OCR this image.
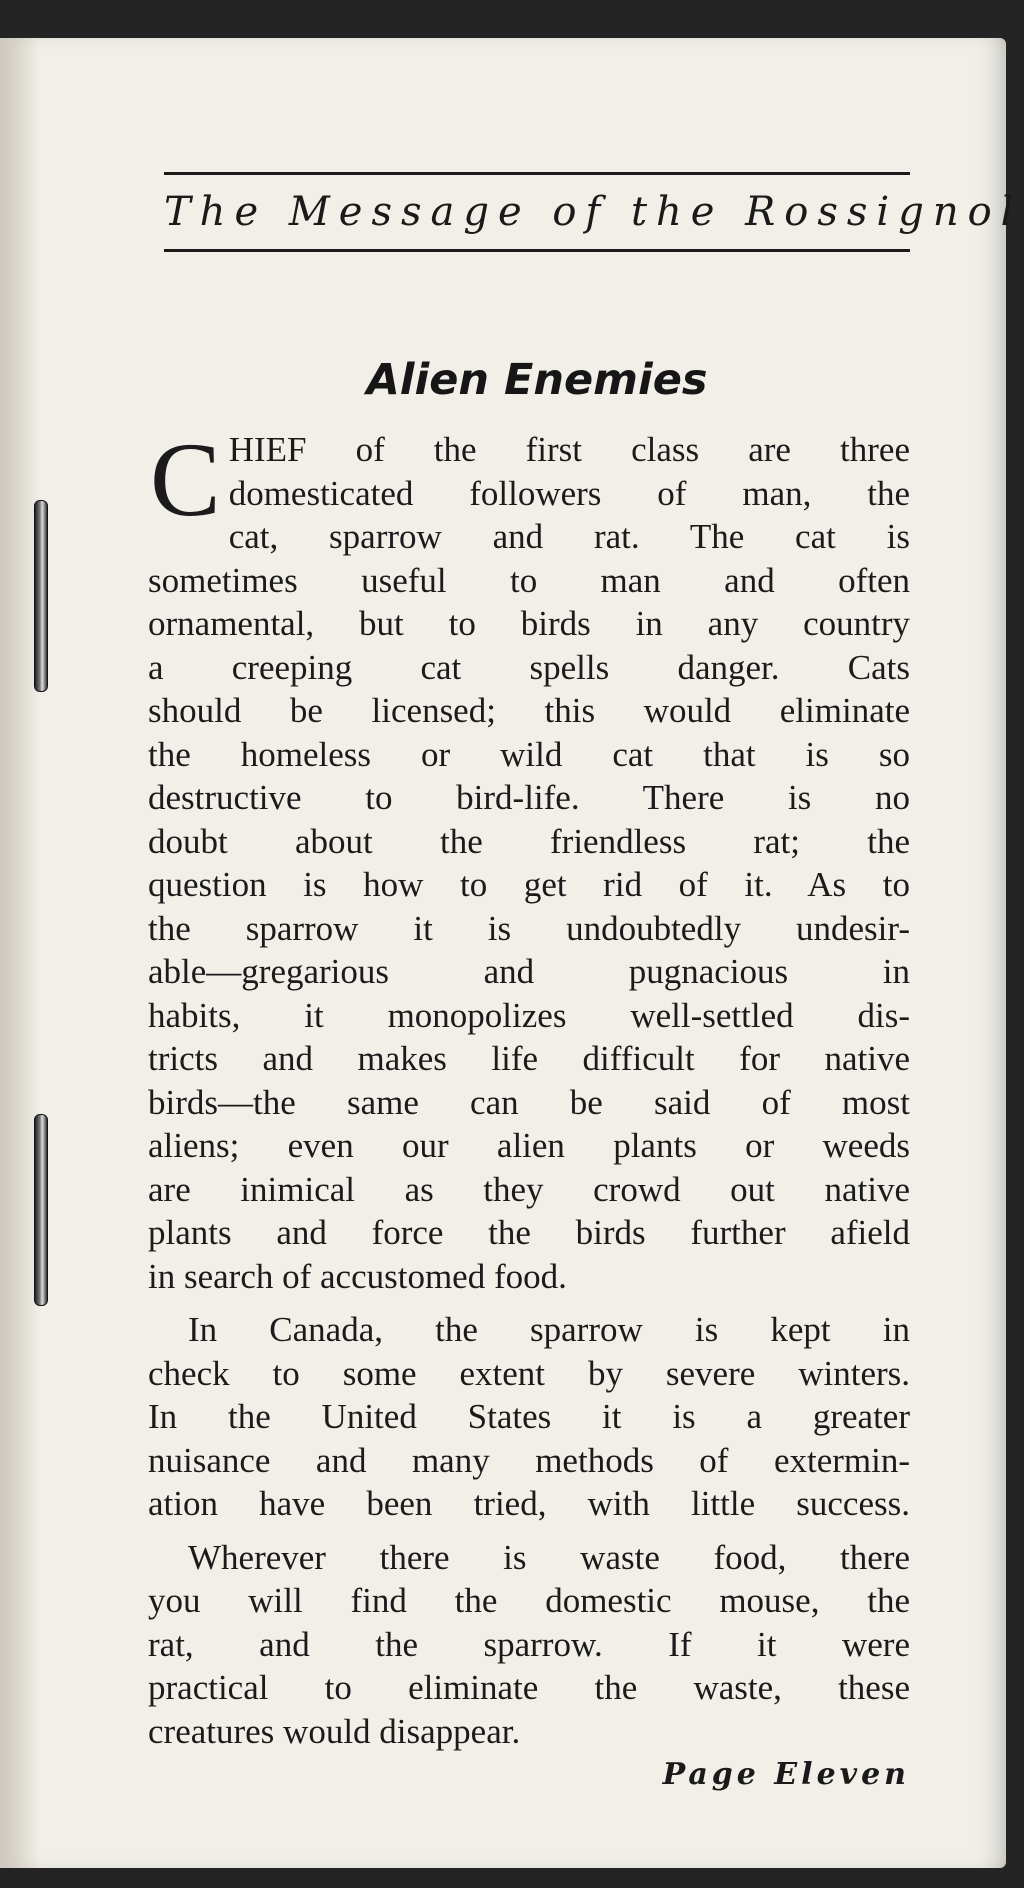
The Message of the Rossignol
Alien Enemies
C HIEF of the first class are three
domesticated followers of man, the
cat, sparrow and rat. The cat is
sometimes useful to man and often
ornamental, but to birds in any country
a creeping cat spells danger. Cats
should be licensed; this would eliminate
the homeless or wild cat that is so
destructive to bird-life. There is no
doubt about the friendless rat; the
question is how to get rid of it. As to
the sparrow it is undoubtedly undesir-
able—gregarious and pugnacious in
habits, it monopolizes well-settled dis-
tricts and makes life difficult for native
birds—the same can be said of most
aliens; even our alien plants or weeds
are inimical as they crowd out native
plants and force the birds further afield
in search of accustomed food.
In Canada, the sparrow is kept in
check to some extent by severe winters.
In the United States it is a greater
nuisance and many methods of extermin-
ation have been tried, with little success.
Wherever there is waste food, there
you will find the domestic mouse, the
rat, and the sparrow. If it were
practical to eliminate the waste, these
creatures would disappear.
Page Eleven
